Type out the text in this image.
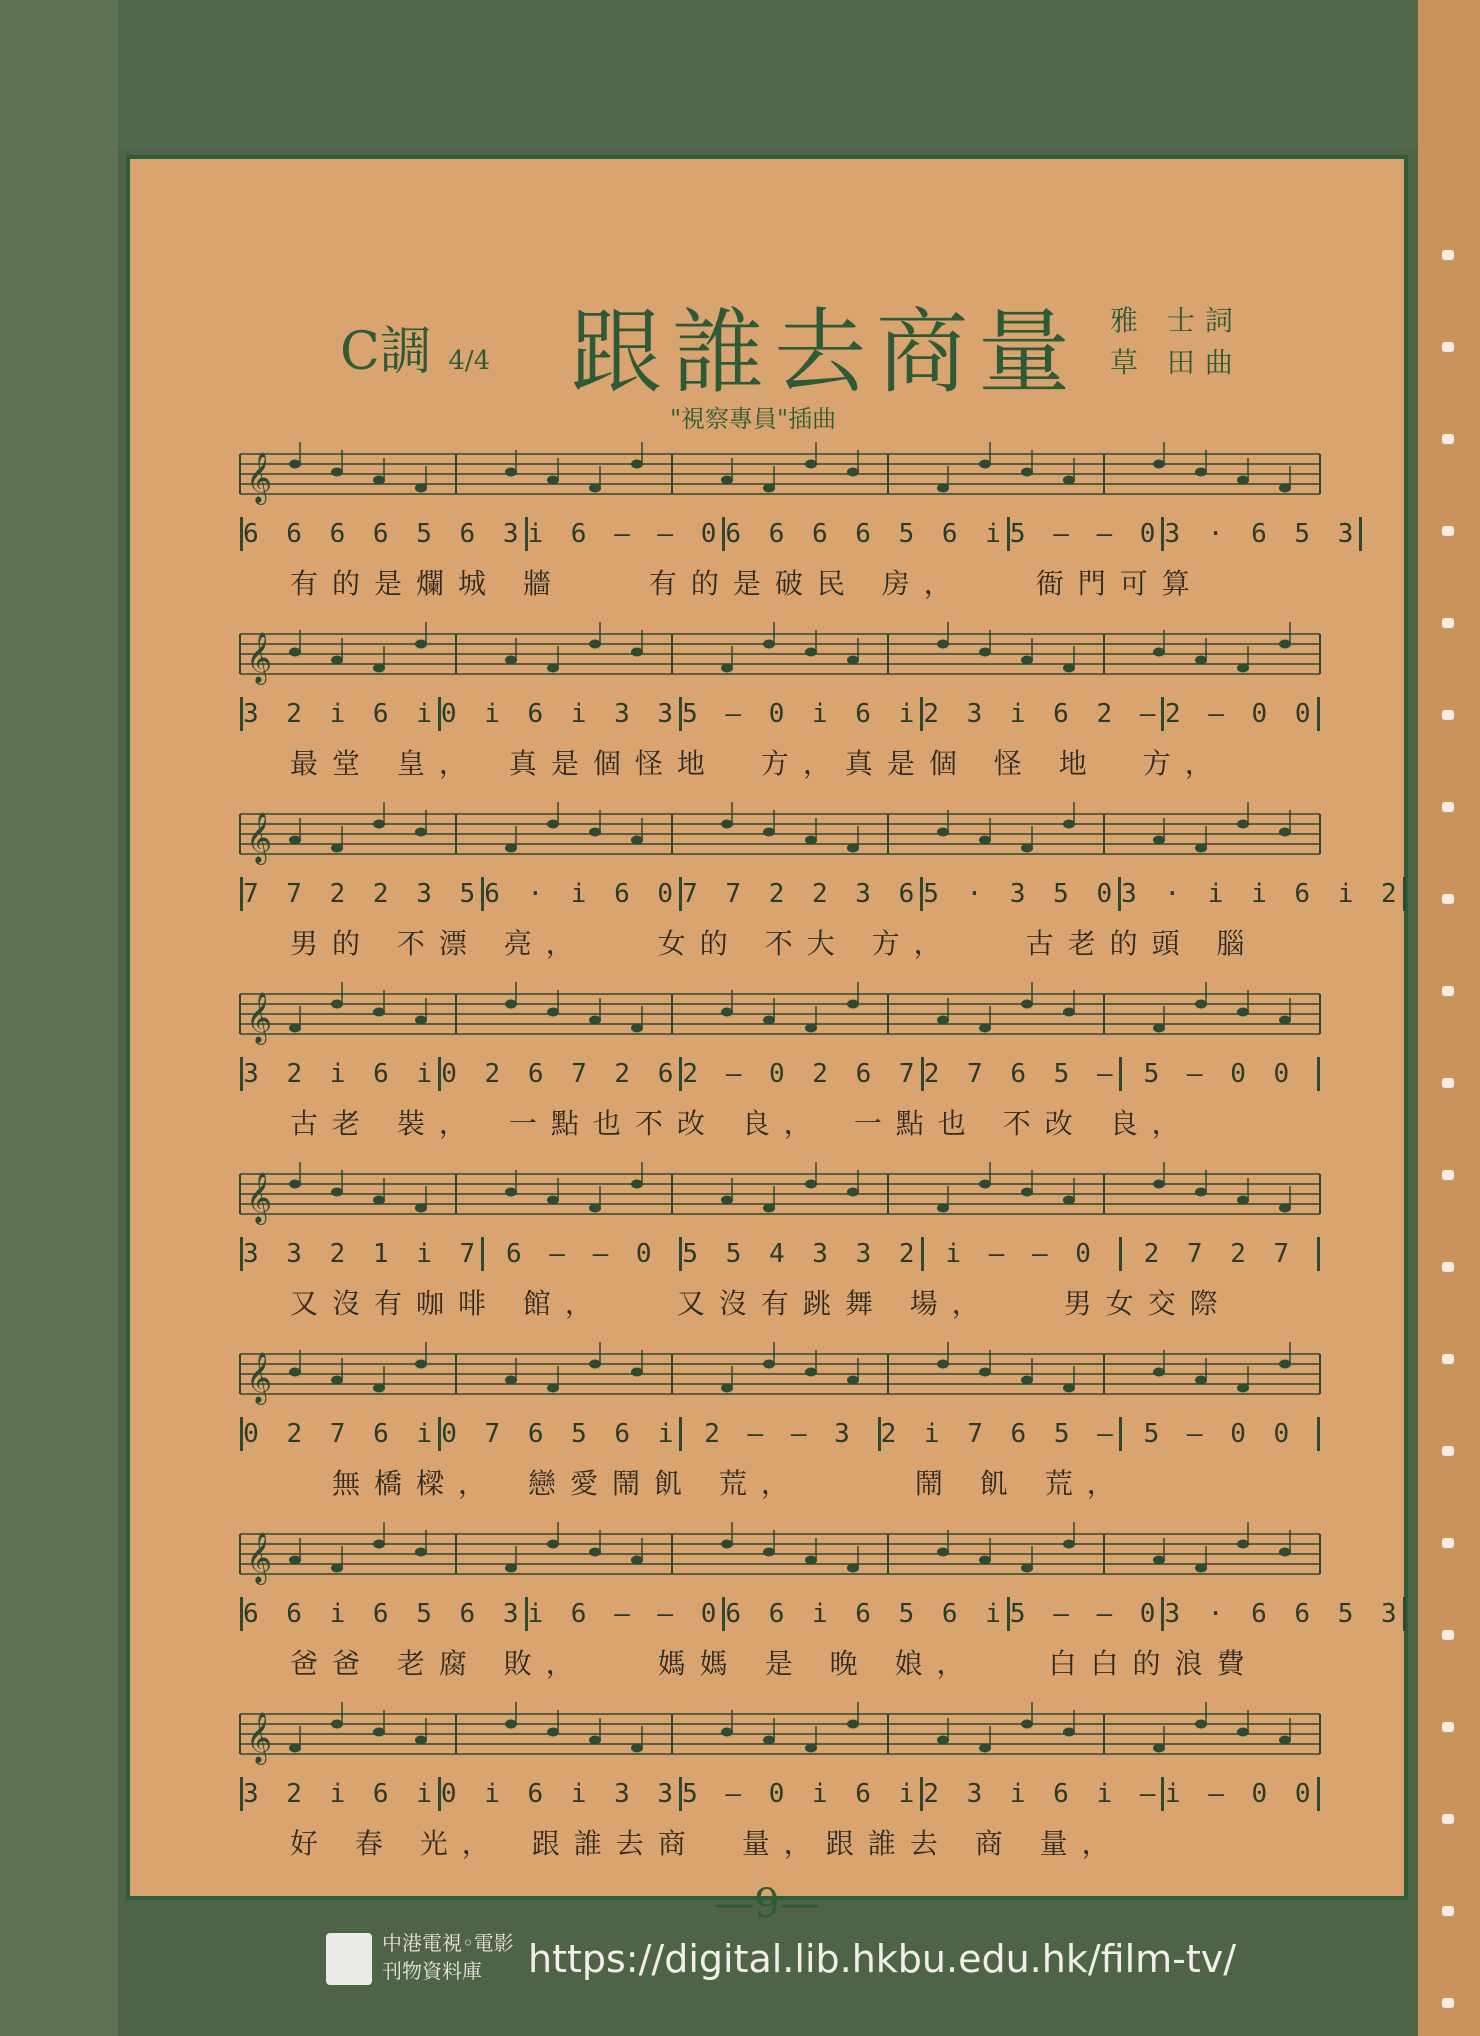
C調 4/4 跟誰去商量	雅 士詞
草 田曲
"視察專員"插曲
𝄞
6 6 6 6 5 6 3 i 6 — — 0 6 6 6 6 5 6 i 5 — — 0 3 · 6 5 3
有的是爛城 牆　　有的是破民 房，　　衙門可算
𝄞
3 2 i 6 i 0 i 6 i 3 3 5 — 0 i 6 i 2 3 i 6 2 — 2 — 0 0
最堂 皇，　真是個怪地　方，真是個 怪 地　方，
𝄞
7 7 2 2 3 5 6 · i 6 0 7 7 2 2 3 6 5 · 3 5 0 3 · i i 6 i 2
男的 不漂 亮，　　女的 不大 方，　　古老的頭 腦
𝄞
3 2 i 6 i 0 2 6 7 2 6 2 — 0 2 6 7 2 7 6 5 — 5 — 0 0
古老 裝，　一點也不改 良，　一點也 不改 良，
𝄞
3 3 2 1 i 7 6 — — 0 5 5 4 3 3 2 i — — 0	2 7 2 7
又沒有咖啡 館，　　又沒有跳舞 場，　　男女交際
𝄞
0 2 7 6 i 0 7 6 5 6 i 2 — — 3 2 i 7 6 5 — 5 — 0 0
　無橋樑，　戀愛鬧飢 荒，　　　鬧 飢 荒，
𝄞
6 6 i 6 5 6 3 i 6 — — 0 6 6 i 6 5 6 i 5 — — 0 3 · 6 6 5 3
爸爸 老腐 敗，　　媽媽 是 晚 娘，　　白白的浪費
𝄞
3 2 i 6 i 0 i 6 i 3 3 5 — 0 i 6 i 2 3 i 6 i — i — 0 0
好 春 光，　跟誰去商　量，跟誰去 商 量，
—9—
中港電視◦電影
刊物資料庫	https://digital.lib.hkbu.edu.hk/film-tv/
